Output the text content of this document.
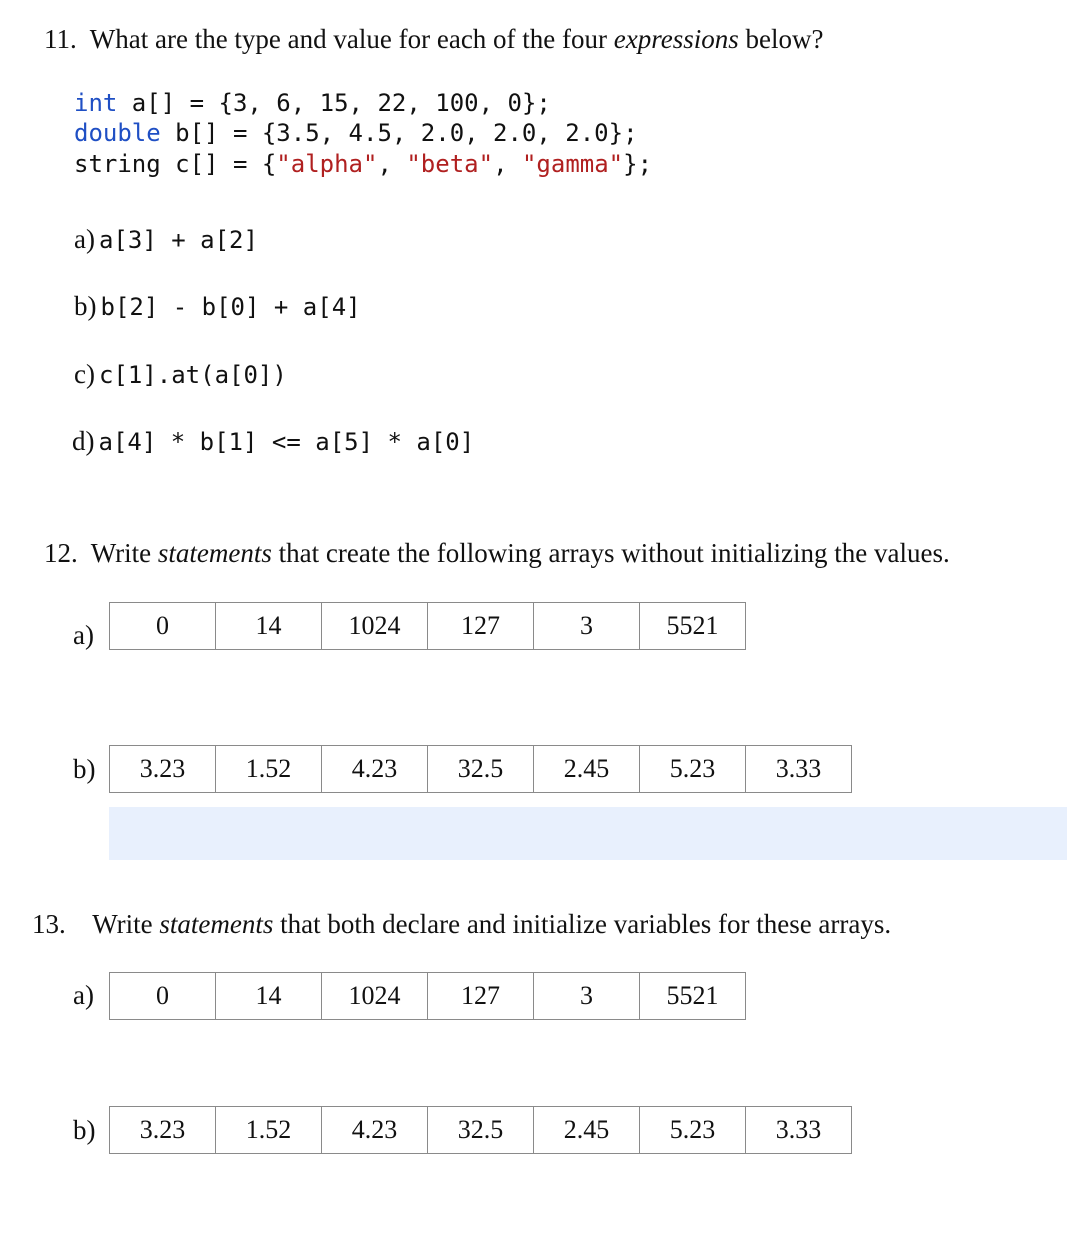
11. What are the type and value for each of the four expressions below?
int a[] = {3, 6, 15, 22, 100, 0};
double b[] = {3.5, 4.5, 2.0, 2.0, 2.0};
string c[] = {"alpha", "beta", "gamma"};
a) a[3] + a[2]
b) b[2] - b[0] + a[4]
c) c[1].at(a[0])
d) a[4] * b[1] <= a[5] * a[0]
12. Write statements that create the following arrays without initializing the values.
a)	0	14	1024	127	3	5521
b)	3.23	1.52	4.23	32.5	2.45	5.23	3.33
13. Write statements that both declare and initialize variables for these arrays.
a)	0	14	1024	127	3	5521
b)	3.23	1.52	4.23	32.5	2.45	5.23	3.33
